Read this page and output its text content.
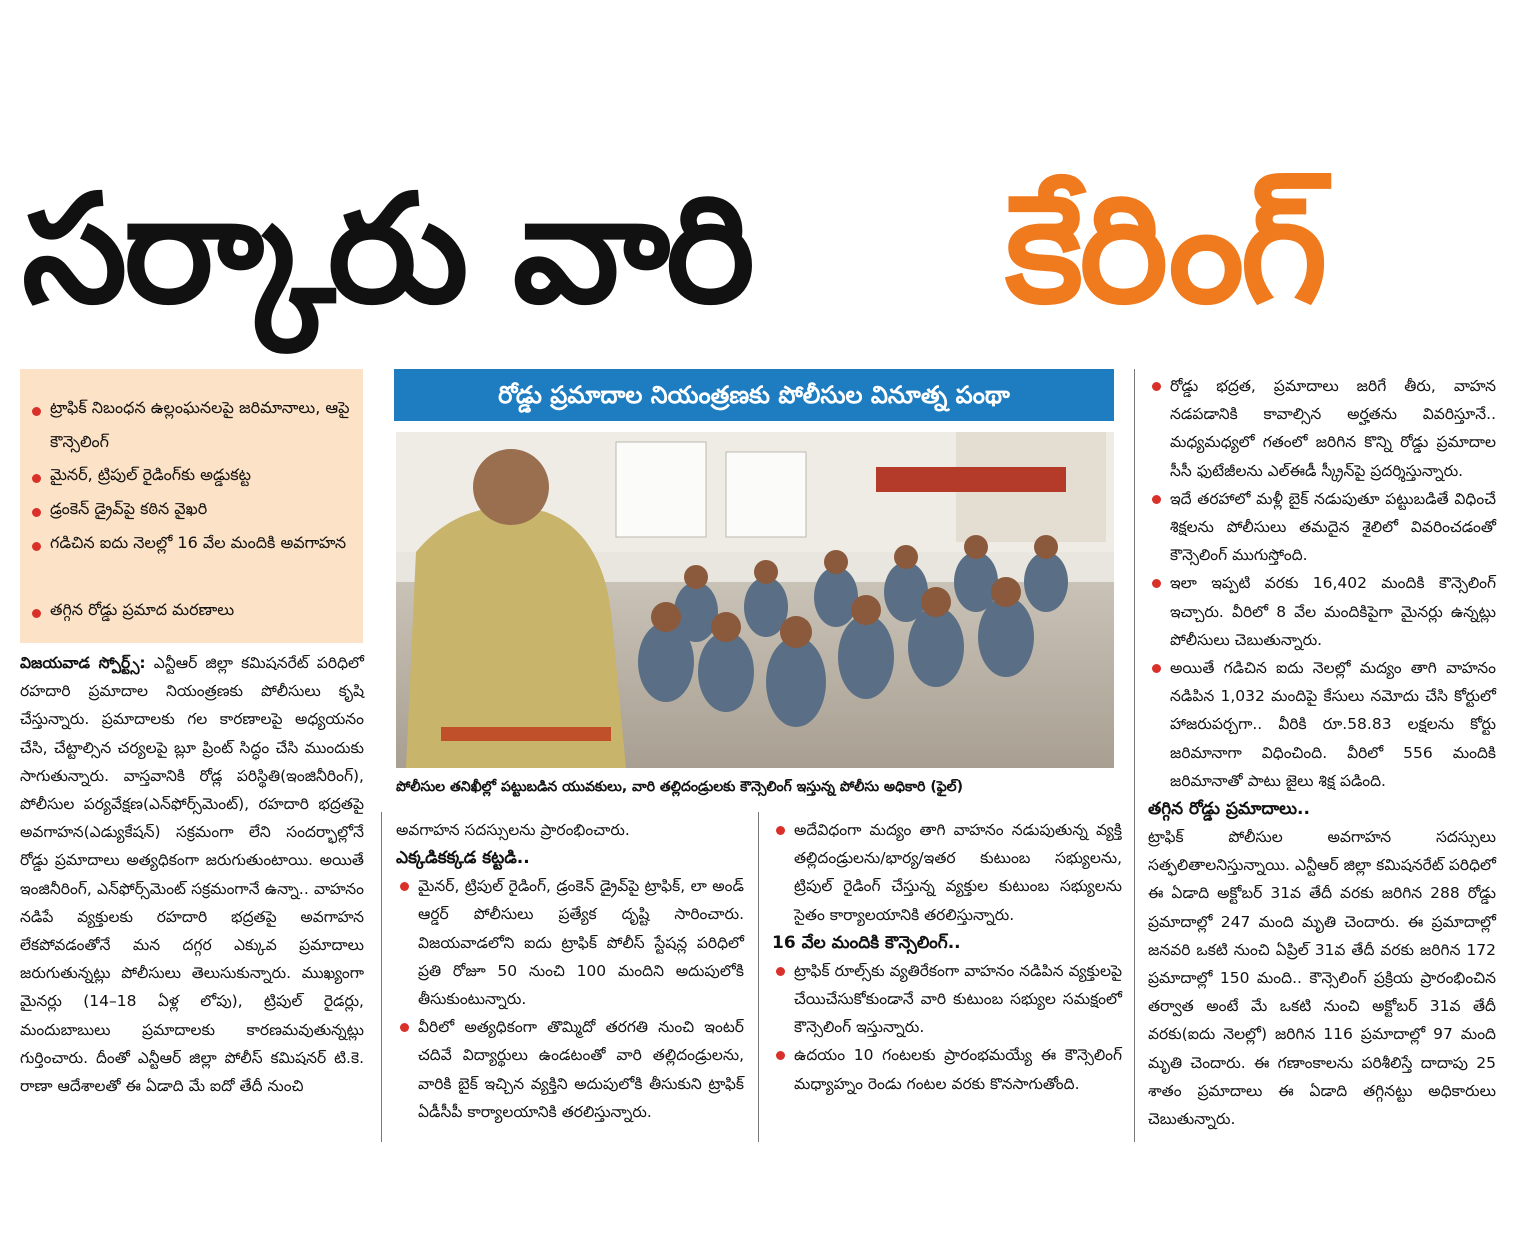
సర్కారు వారి కేరింగ్
ట్రాఫిక్ నిబంధన ఉల్లంఘనలపై జరిమానాలు, ఆపై కౌన్సెలింగ్
మైనర్, ట్రిపుల్ రైడింగ్‌కు అడ్డుకట్ట
డ్రంకెన్ డ్రైవ్‌పై కఠిన వైఖరి
గడిచిన ఐదు నెలల్లో 16 వేల మందికి అవగాహన
తగ్గిన రోడ్డు ప్రమాద మరణాలు
రోడ్డు ప్రమాదాల నియంత్రణకు పోలీసుల వినూత్న పంథా
పోలీసుల తనిఖీల్లో పట్టుబడిన యువకులు, వారి తల్లిదండ్రులకు కౌన్సెలింగ్ ఇస్తున్న పోలీసు అధికారి (ఫైల్)

విజయవాడ స్పోర్ట్స్: ఎన్టీఆర్ జిల్లా కమిషనరేట్ పరిధిలో రహదారి ప్రమాదాల నియంత్రణకు పోలీసులు కృషి చేస్తున్నారు. ప్రమాదాలకు గల కారణాలపై అధ్యయనం చేసి, చేట్టాల్సిన చర్యలపై బ్లూ ప్రింట్ సిద్ధం చేసి ముందుకు సాగుతున్నారు. వాస్తవానికి రోడ్ల పరిస్థితి(ఇంజినీరింగ్), పోలీసుల పర్యవేక్షణ(ఎన్‌ఫోర్స్‌మెంట్), రహదారి భద్రతపై అవగాహన(ఎడ్యుకేషన్) సక్రమంగా లేని సందర్భాల్లోనే రోడ్డు ప్రమాదాలు అత్యధికంగా జరుగుతుంటాయి. అయితే ఇంజినీరింగ్, ఎన్‌ఫోర్స్‌మెంట్ సక్రమంగానే ఉన్నా.. వాహనం నడిపే వ్యక్తులకు రహదారి భద్రతపై అవగాహన లేకపోవడంతోనే మన దగ్గర ఎక్కువ ప్రమాదాలు జరుగుతున్నట్లు పోలీసులు తెలుసుకున్నారు. ముఖ్యంగా మైనర్లు (14–18 ఏళ్ల లోపు), ట్రిపుల్ రైడర్లు, మందుబాబులు ప్రమాదాలకు కారణమవుతున్నట్లు గుర్తించారు. దీంతో ఎన్టీఆర్ జిల్లా పోలీస్ కమిషనర్ టి.కె. రాణా ఆదేశాలతో ఈ ఏడాది మే ఐదో తేదీ నుంచి

అవగాహన సదస్సులను ప్రారంభించారు.

ఎక్కడికక్కడ కట్టడి..

మైనర్, ట్రిపుల్ రైడింగ్, డ్రంకెన్ డ్రైవ్‌పై ట్రాఫిక్, లా అండ్ ఆర్డర్ పోలీసులు ప్రత్యేక దృష్టి సారించారు. విజయవాడలోని ఐదు ట్రాఫిక్ పోలీస్ స్టేషన్ల పరిధిలో ప్రతి రోజూ 50 నుంచి 100 మందిని అదుపులోకి తీసుకుంటున్నారు.

వీరిలో అత్యధికంగా తొమ్మిదో తరగతి నుంచి ఇంటర్ చదివే విద్యార్థులు ఉండటంతో వారి తల్లిదండ్రులను, వారికి బైక్ ఇచ్చిన వ్యక్తిని అదుపులోకి తీసుకుని ట్రాఫిక్ ఏడీసీపీ కార్యాలయానికి తరలిస్తున్నారు.

అదేవిధంగా మద్యం తాగి వాహనం నడుపుతున్న వ్యక్తి తల్లిదండ్రులను/భార్య/ఇతర కుటుంబ సభ్యులను, ట్రిపుల్ రైడింగ్ చేస్తున్న వ్యక్తుల కుటుంబ సభ్యులను సైతం కార్యాలయానికి తరలిస్తున్నారు.

16 వేల మందికి కౌన్సెలింగ్..

ట్రాఫిక్ రూల్స్‌కు వ్యతిరేకంగా వాహనం నడిపిన వ్యక్తులపై చేయిచేసుకోకుండానే వారి కుటుంబ సభ్యుల సమక్షంలో కౌన్సెలింగ్ ఇస్తున్నారు.

ఉదయం 10 గంటలకు ప్రారంభమయ్యే ఈ కౌన్సెలింగ్ మధ్యాహ్నం రెండు గంటల వరకు కొనసాగుతోంది.

రోడ్డు భద్రత, ప్రమాదాలు జరిగే తీరు, వాహన నడపడానికి కావాల్సిన అర్హతను వివరిస్తూనే.. మధ్యమధ్యలో గతంలో జరిగిన కొన్ని రోడ్డు ప్రమాదాల సీసీ ఫుటేజీలను ఎల్ఈడీ స్క్రీన్‌పై ప్రదర్శిస్తున్నారు.

ఇదే తరహాలో మళ్లీ బైక్ నడుపుతూ పట్టుబడితే విధించే శిక్షలను పోలీసులు తమదైన శైలిలో వివరించడంతో కౌన్సెలింగ్ ముగుస్తోంది.

ఇలా ఇప్పటి వరకు 16,402 మందికి కౌన్సెలింగ్ ఇచ్చారు. వీరిలో 8 వేల మందికిపైగా మైనర్లు ఉన్నట్లు పోలీసులు చెబుతున్నారు.

అయితే గడిచిన ఐదు నెలల్లో మద్యం తాగి వాహనం నడిపిన 1,032 మందిపై కేసులు నమోదు చేసి కోర్టులో హాజరుపర్చగా.. వీరికి రూ.58.83 లక్షలను కోర్టు జరిమానాగా విధించింది. వీరిలో 556 మందికి జరిమానాతో పాటు జైలు శిక్ష పడింది.

తగ్గిన రోడ్డు ప్రమాదాలు..

ట్రాఫిక్ పోలీసుల అవగాహన సదస్సులు సత్ఫలితాలనిస్తున్నాయి. ఎన్టీఆర్ జిల్లా కమిషనరేట్ పరిధిలో ఈ ఏడాది అక్టోబర్ 31వ తేదీ వరకు జరిగిన 288 రోడ్డు ప్రమాదాల్లో 247 మంది మృతి చెందారు. ఈ ప్రమాదాల్లో జనవరి ఒకటి నుంచి ఏప్రిల్ 31వ తేదీ వరకు జరిగిన 172 ప్రమాదాల్లో 150 మంది.. కౌన్సెలింగ్ ప్రక్రియ ప్రారంభించిన తర్వాత అంటే మే ఒకటి నుంచి అక్టోబర్ 31వ తేదీ వరకు(ఐదు నెలల్లో) జరిగిన 116 ప్రమాదాల్లో 97 మంది మృతి చెందారు. ఈ గణాంకాలను పరిశీలిస్తే దాదాపు 25 శాతం ప్రమాదాలు ఈ ఏడాది తగ్గినట్టు అధికారులు చెబుతున్నారు.
